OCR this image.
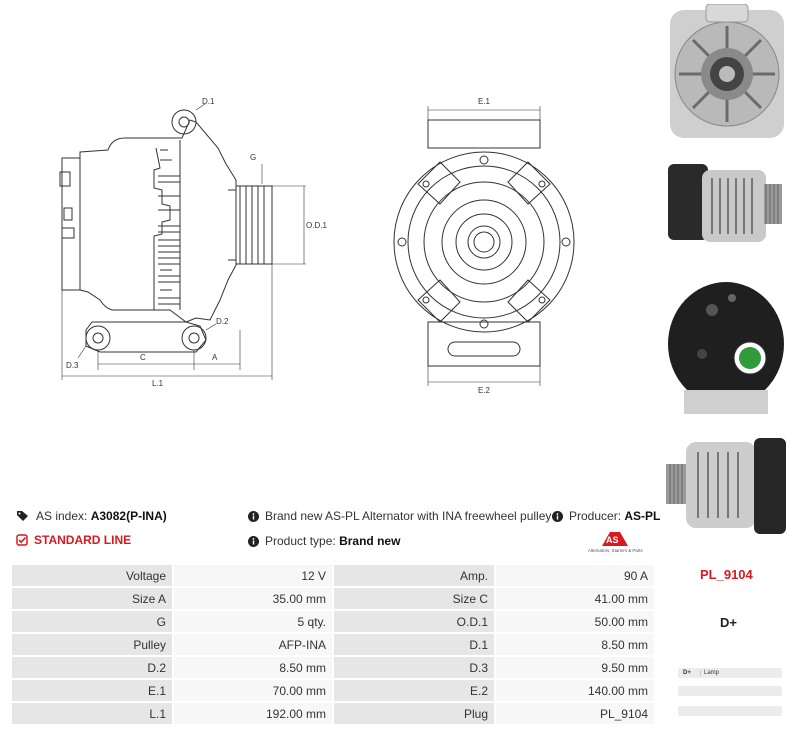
D.1
G
O.D.1
D.2
D.3
C	A
L.1
E.1
E.2
AS index:
A3082(P-INA)
STANDARD LINE
Brand new AS-PL Alternator with INA freewheel pulley
Product type:
Brand new
Producer:
AS-PL
AS
Alternators, Starters & Parts
Voltage	12 V	Amp.	90 A
Size A	35.00 mm	Size C	41.00 mm
G	5 qty.	O.D.1	50.00 mm
Pulley	AFP-INA	D.1	8.50 mm
D.2	8.50 mm	D.3	9.50 mm
E.1	70.00 mm	E.2	140.00 mm
L.1	192.00 mm	Plug	PL_9104
PL_9104
D+
D+	Lamp
